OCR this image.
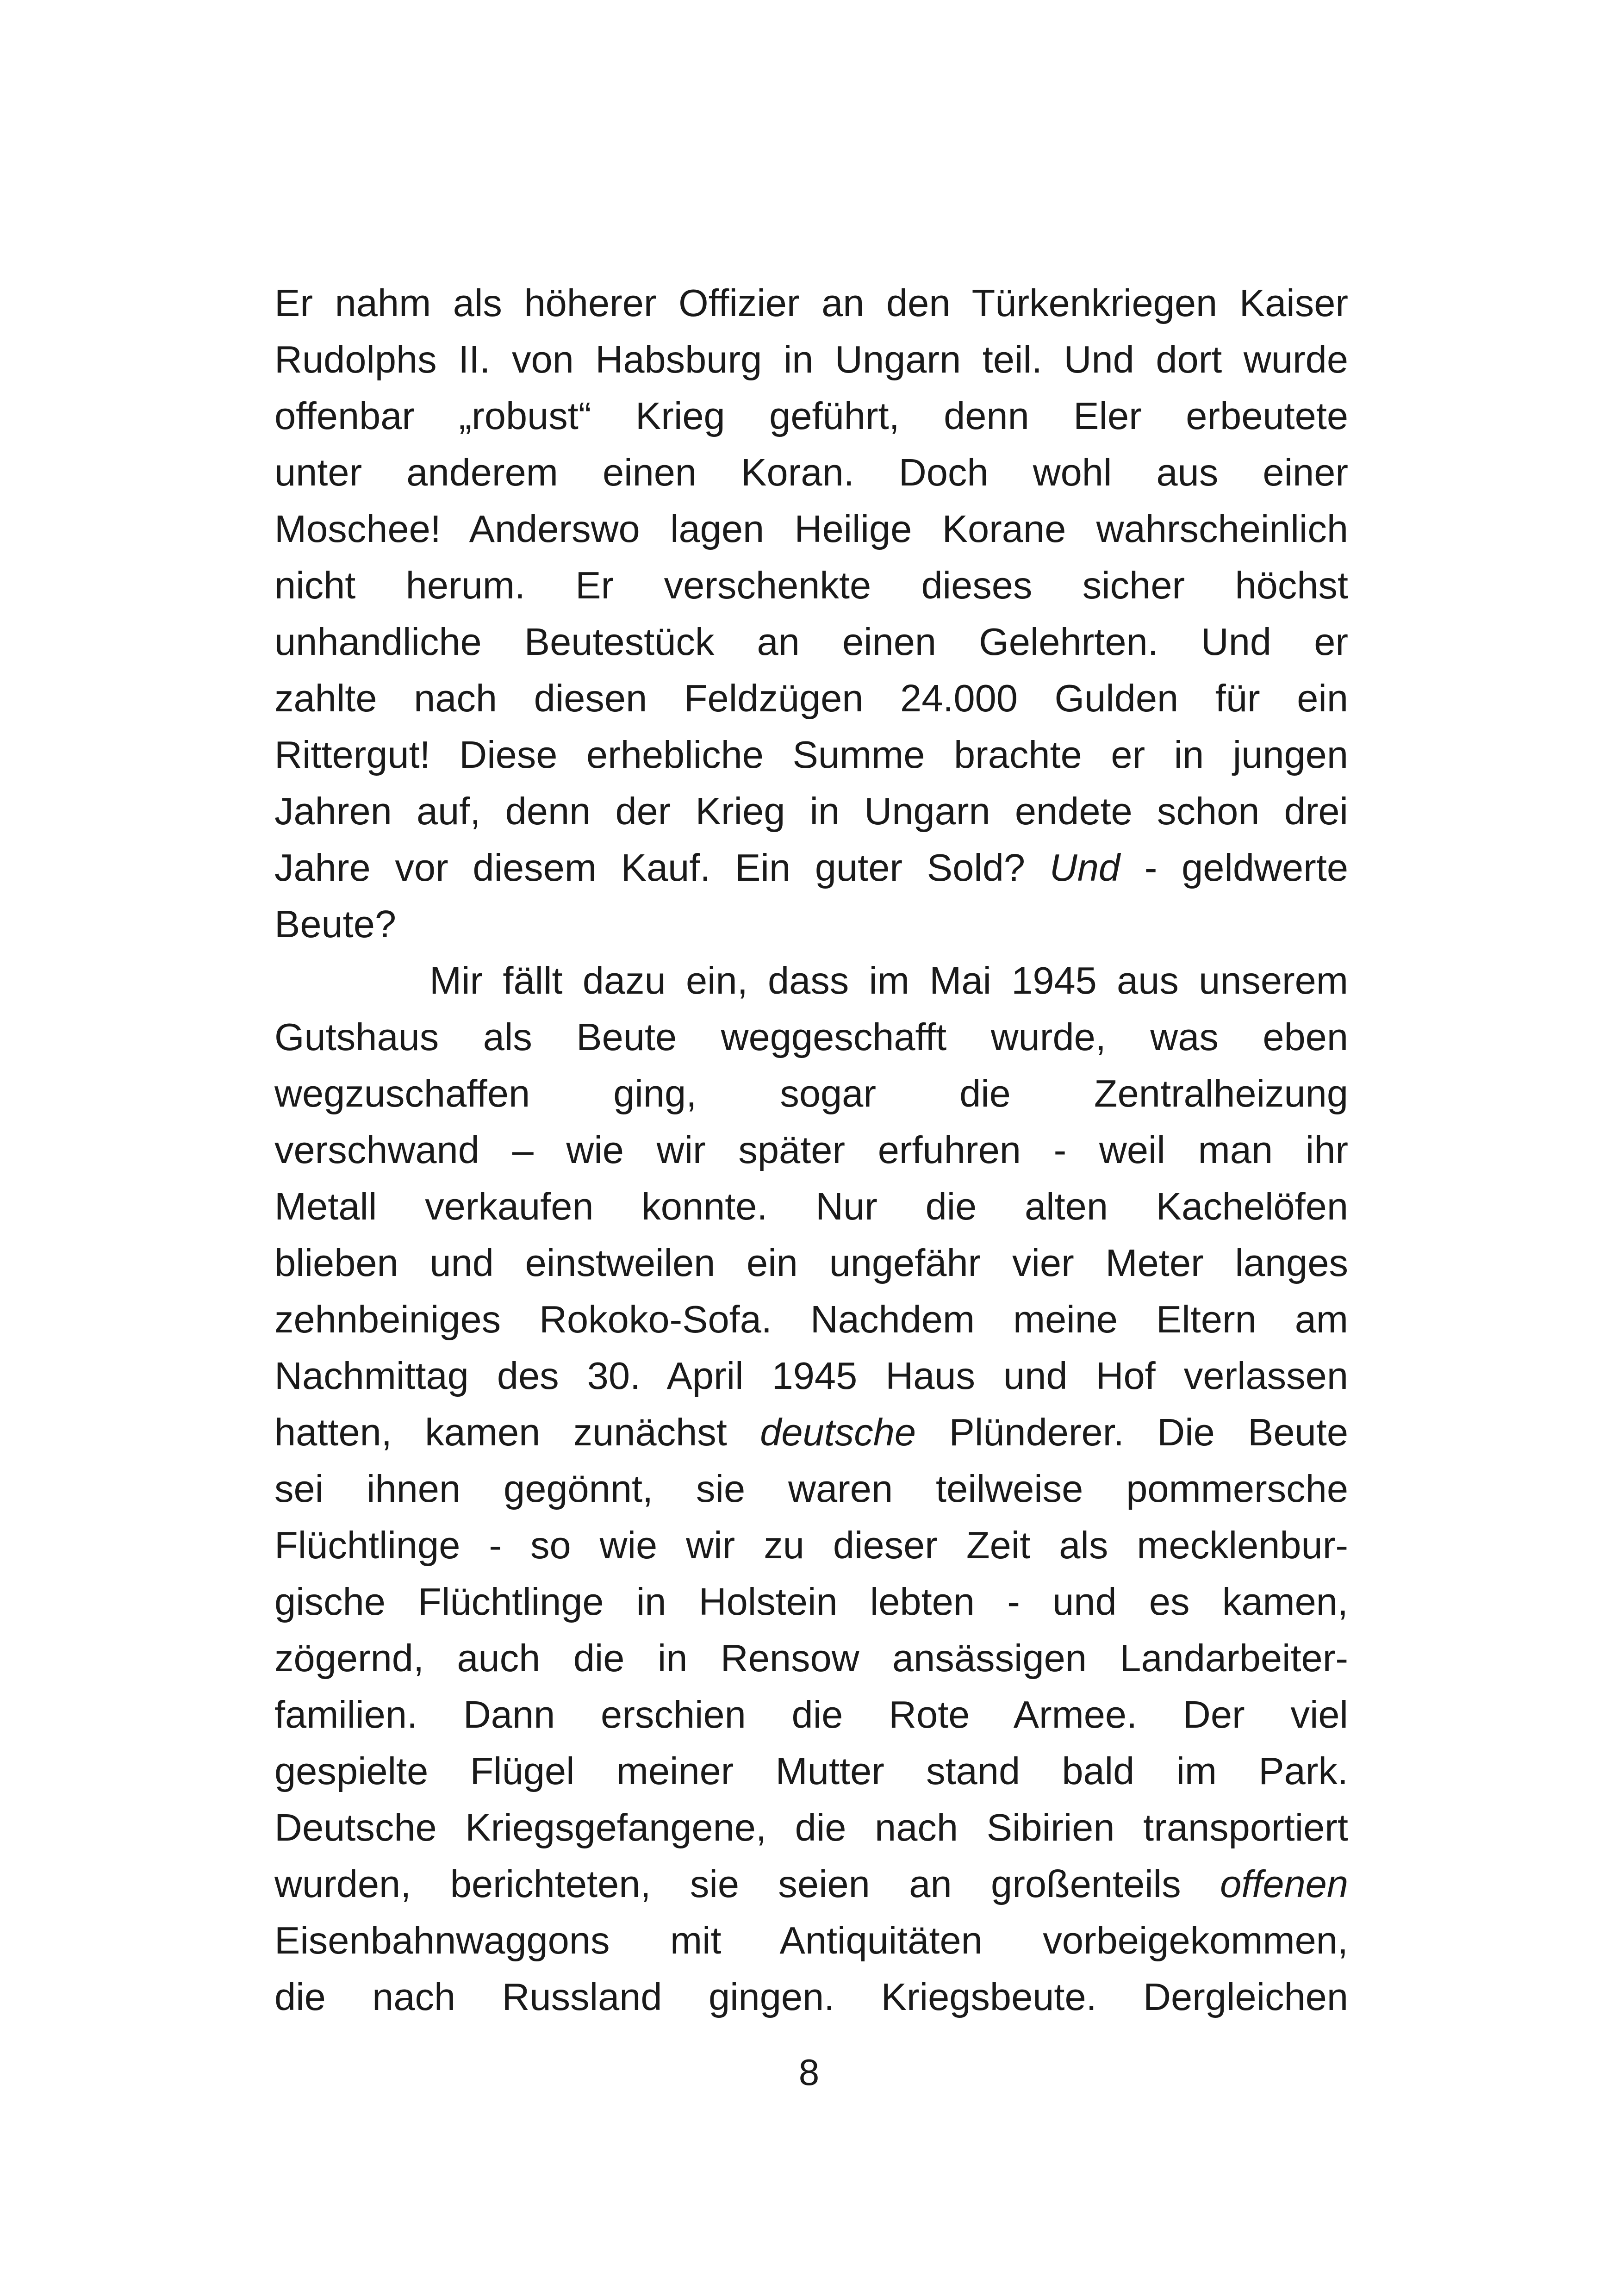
Er nahm als höherer Offizier an den Türkenkriegen Kaiser
Rudolphs II. von Habsburg in Ungarn teil. Und dort wurde
offenbar „robust“ Krieg geführt, denn Eler erbeutete
unter anderem einen Koran. Doch wohl aus einer
Moschee! Anderswo lagen Heilige Korane wahrscheinlich
nicht herum. Er verschenkte dieses sicher höchst
unhandliche Beutestück an einen Gelehrten. Und er
zahlte nach diesen Feldzügen 24.000 Gulden für ein
Rittergut! Diese erhebliche Summe brachte er in jungen
Jahren auf, denn der Krieg in Ungarn endete schon drei
Jahre vor diesem Kauf. Ein guter Sold? Und - geldwerte
Beute?
Mir fällt dazu ein, dass im Mai 1945 aus unserem
Gutshaus als Beute weggeschafft wurde, was eben
wegzuschaffen ging, sogar die Zentralheizung
verschwand – wie wir später erfuhren - weil man ihr
Metall verkaufen konnte. Nur die alten Kachelöfen
blieben und einstweilen ein ungefähr vier Meter langes
zehnbeiniges Rokoko-Sofa. Nachdem meine Eltern am
Nachmittag des 30. April 1945 Haus und Hof verlassen
hatten, kamen zunächst deutsche Plünderer. Die Beute
sei ihnen gegönnt, sie waren teilweise pommersche
Flüchtlinge - so wie wir zu dieser Zeit als mecklenbur-
gische Flüchtlinge in Holstein lebten - und es kamen,
zögernd, auch die in Rensow ansässigen Landarbeiter-
familien. Dann erschien die Rote Armee. Der viel
gespielte Flügel meiner Mutter stand bald im Park.
Deutsche Kriegsgefangene, die nach Sibirien transportiert
wurden, berichteten, sie seien an großenteils offenen
Eisenbahnwaggons mit Antiquitäten vorbeigekommen,
die nach Russland gingen. Kriegsbeute. Dergleichen
8
